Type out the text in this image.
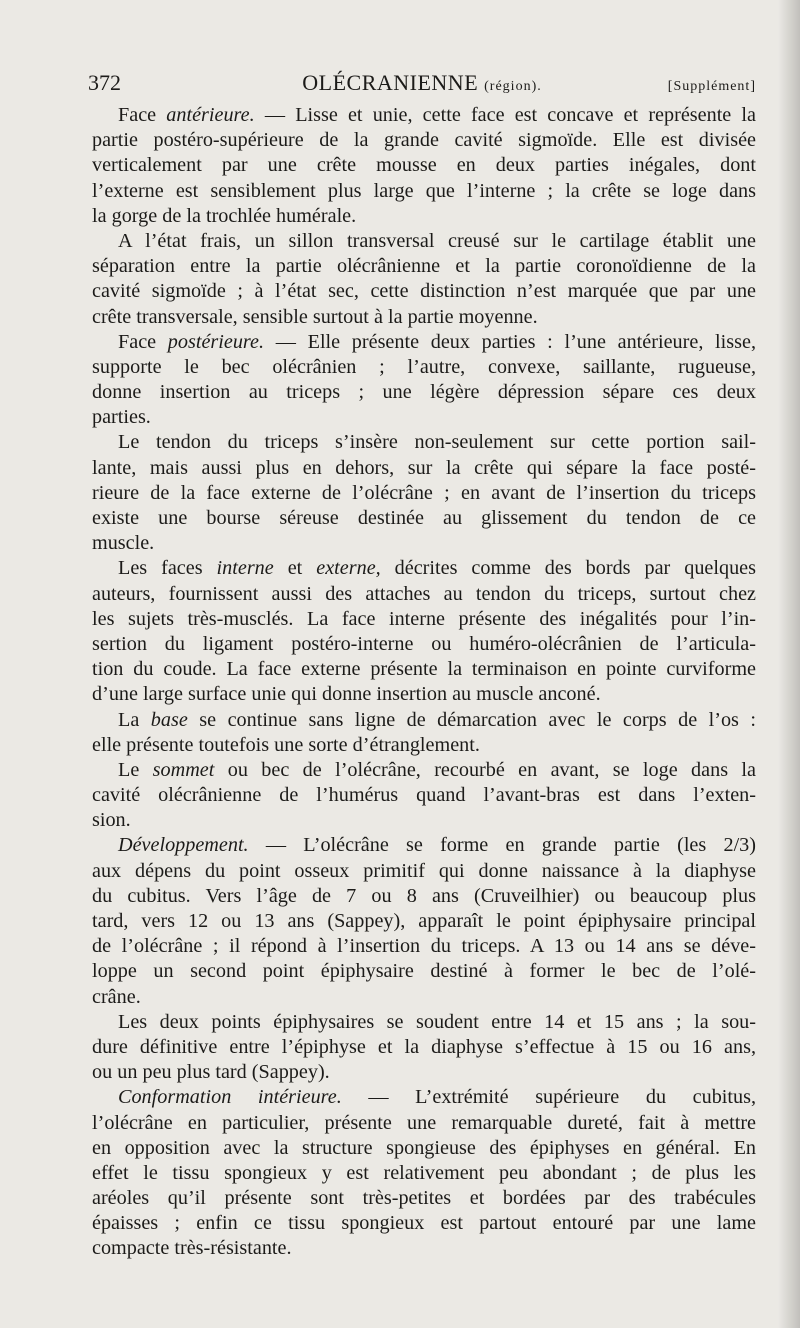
372	OLÉCRANIENNE (région).	[Supplément]
Face antérieure. — Lisse et unie, cette face est concave et représente la
partie postéro-supérieure de la grande cavité sigmoïde. Elle est divisée
verticalement par une crête mousse en deux parties inégales, dont
l’externe est sensiblement plus large que l’interne ; la crête se loge dans
la gorge de la trochlée humérale.
A l’état frais, un sillon transversal creusé sur le cartilage établit une
séparation entre la partie olécrânienne et la partie coronoïdienne de la
cavité sigmoïde ; à l’état sec, cette distinction n’est marquée que par une
crête transversale, sensible surtout à la partie moyenne.
Face postérieure. — Elle présente deux parties : l’une antérieure, lisse,
supporte le bec olécrânien ; l’autre, convexe, saillante, rugueuse,
donne insertion au triceps ; une légère dépression sépare ces deux
parties.
Le tendon du triceps s’insère non-seulement sur cette portion sail-
lante, mais aussi plus en dehors, sur la crête qui sépare la face posté-
rieure de la face externe de l’olécrâne ; en avant de l’insertion du triceps
existe une bourse séreuse destinée au glissement du tendon de ce
muscle.
Les faces interne et externe, décrites comme des bords par quelques
auteurs, fournissent aussi des attaches au tendon du triceps, surtout chez
les sujets très-musclés. La face interne présente des inégalités pour l’in-
sertion du ligament postéro-interne ou huméro-olécrânien de l’articula-
tion du coude. La face externe présente la terminaison en pointe curviforme
d’une large surface unie qui donne insertion au muscle anconé.
La base se continue sans ligne de démarcation avec le corps de l’os :
elle présente toutefois une sorte d’étranglement.
Le sommet ou bec de l’olécrâne, recourbé en avant, se loge dans la
cavité olécrânienne de l’humérus quand l’avant-bras est dans l’exten-
sion.
Développement. — L’olécrâne se forme en grande partie (les 2/3)
aux dépens du point osseux primitif qui donne naissance à la diaphyse
du cubitus. Vers l’âge de 7 ou 8 ans (Cruveilhier) ou beaucoup plus
tard, vers 12 ou 13 ans (Sappey), apparaît le point épiphysaire principal
de l’olécrâne ; il répond à l’insertion du triceps. A 13 ou 14 ans se déve-
loppe un second point épiphysaire destiné à former le bec de l’olé-
crâne.
Les deux points épiphysaires se soudent entre 14 et 15 ans ; la sou-
dure définitive entre l’épiphyse et la diaphyse s’effectue à 15 ou 16 ans,
ou un peu plus tard (Sappey).
Conformation intérieure. — L’extrémité supérieure du cubitus,
l’olécrâne en particulier, présente une remarquable dureté, fait à mettre
en opposition avec la structure spongieuse des épiphyses en général. En
effet le tissu spongieux y est relativement peu abondant ; de plus les
aréoles qu’il présente sont très-petites et bordées par des trabécules
épaisses ; enfin ce tissu spongieux est partout entouré par une lame
compacte très-résistante.
